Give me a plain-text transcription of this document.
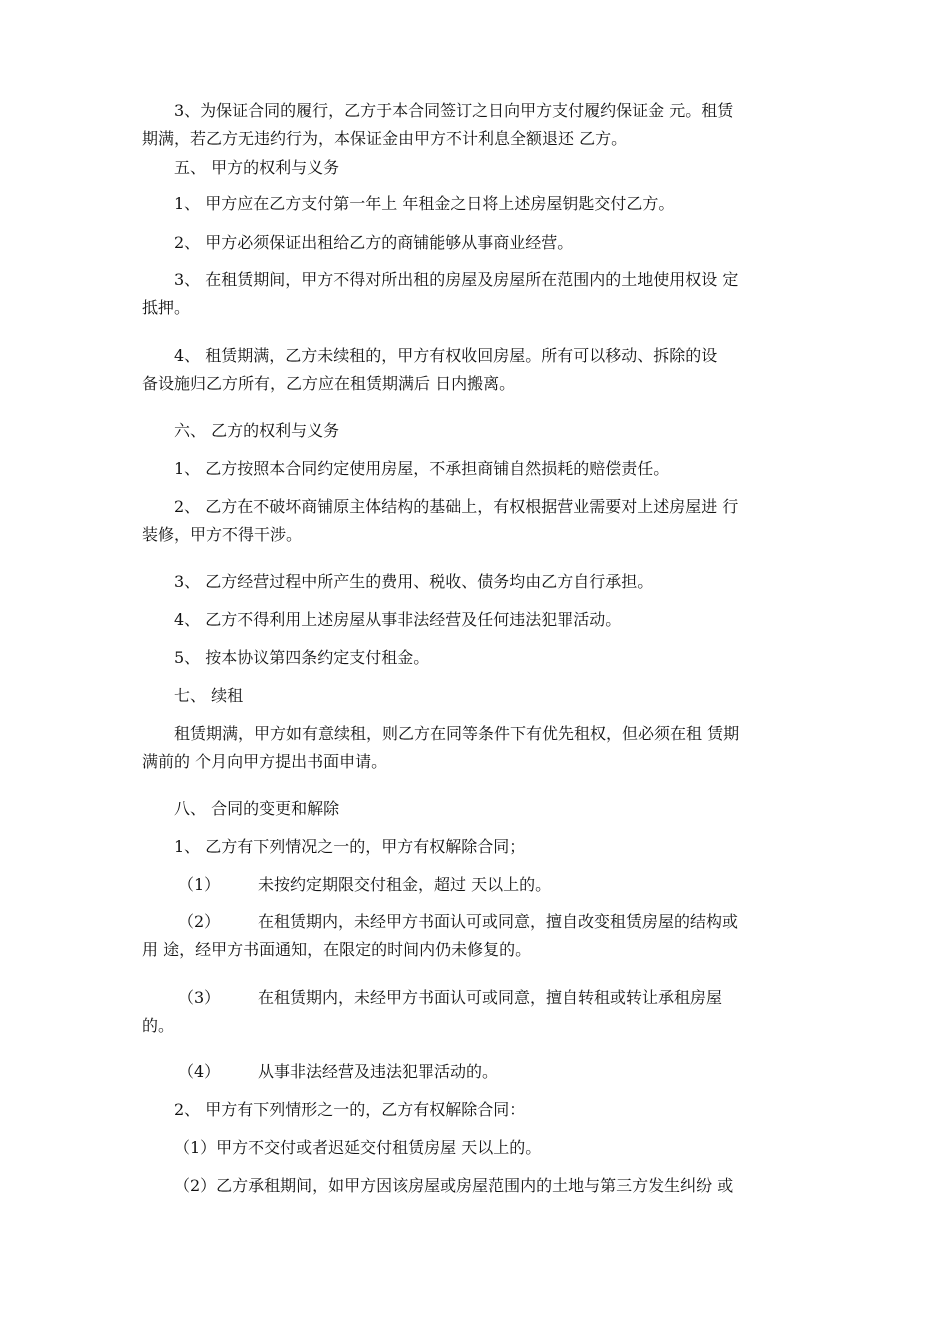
3、为保证合同的履行，乙方于本合同签订之日向甲方支付履约保证金 元。租赁
期满，若乙方无违约行为，本保证金由甲方不计利息全额退还 乙方。

五、 甲方的权利与义务

1、 甲方应在乙方支付第一年上 年租金之日将上述房屋钥匙交付乙方。

2、 甲方必须保证出租给乙方的商铺能够从事商业经营。

3、 在租赁期间，甲方不得对所出租的房屋及房屋所在范围内的土地使用权设 定
抵押。

4、 租赁期满，乙方未续租的，甲方有权收回房屋。所有可以移动、拆除的设
备设施归乙方所有，乙方应在租赁期满后 日内搬离。

六、 乙方的权利与义务

1、 乙方按照本合同约定使用房屋，不承担商铺自然损耗的赔偿责任。

2、 乙方在不破坏商铺原主体结构的基础上，有权根据营业需要对上述房屋进 行
装修，甲方不得干涉。

3、 乙方经营过程中所产生的费用、税收、债务均由乙方自行承担。

4、 乙方不得利用上述房屋从事非法经营及任何违法犯罪活动。

5、 按本协议第四条约定支付租金。

七、 续租

租赁期满，甲方如有意续租，则乙方在同等条件下有优先租权，但必须在租 赁期
满前的 个月向甲方提出书面申请。

八、 合同的变更和解除

1、 乙方有下列情况之一的，甲方有权解除合同；

（1） 未按约定期限交付租金，超过 天以上的。

（2） 在租赁期内，未经甲方书面认可或同意，擅自改变租赁房屋的结构或
用 途，经甲方书面通知，在限定的时间内仍未修复的。

（3） 在租赁期内，未经甲方书面认可或同意，擅自转租或转让承租房屋
的。

（4） 从事非法经营及违法犯罪活动的。

2、 甲方有下列情形之一的，乙方有权解除合同：

（1）甲方不交付或者迟延交付租赁房屋 天以上的。

（2）乙方承租期间，如甲方因该房屋或房屋范围内的土地与第三方发生纠纷 或
